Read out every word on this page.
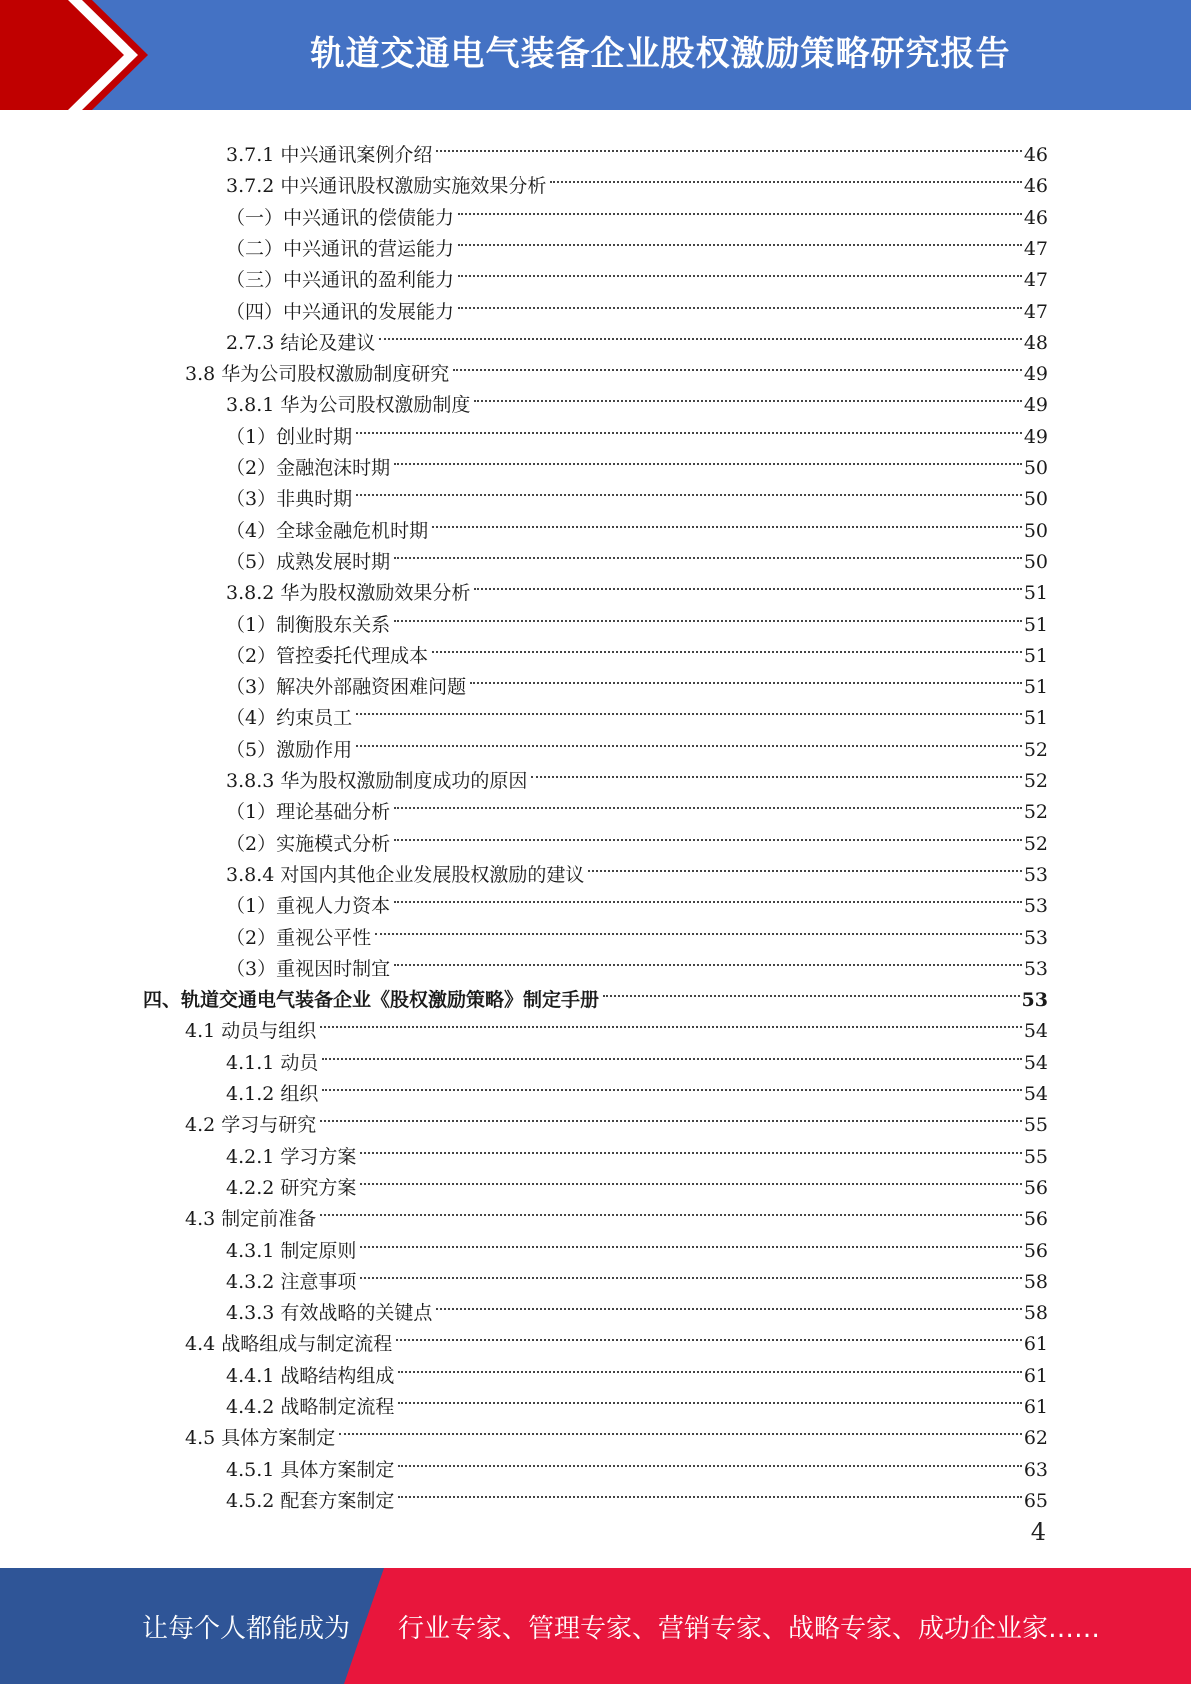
轨道交通电气装备企业股权激励策略研究报告
3.7.1 中兴通讯案例介绍	46
3.7.2 中兴通讯股权激励实施效果分析	46
（一）中兴通讯的偿债能力	46
（二）中兴通讯的营运能力	47
（三）中兴通讯的盈利能力	47
（四）中兴通讯的发展能力	47
2.7.3 结论及建议	48
3.8 华为公司股权激励制度研究	49
3.8.1 华为公司股权激励制度	49
（1）创业时期	49
（2）金融泡沫时期	50
（3）非典时期	50
（4）全球金融危机时期	50
（5）成熟发展时期	50
3.8.2 华为股权激励效果分析	51
（1）制衡股东关系	51
（2）管控委托代理成本	51
（3）解决外部融资困难问题	51
（4）约束员工	51
（5）激励作用	52
3.8.3 华为股权激励制度成功的原因	52
（1）理论基础分析	52
（2）实施模式分析	52
3.8.4 对国内其他企业发展股权激励的建议	53
（1）重视人力资本	53
（2）重视公平性	53
（3）重视因时制宜	53
四、轨道交通电气装备企业《股权激励策略》制定手册	53
4.1 动员与组织	54
4.1.1 动员	54
4.1.2 组织	54
4.2 学习与研究	55
4.2.1 学习方案	55
4.2.2 研究方案	56
4.3 制定前准备	56
4.3.1 制定原则	56
4.3.2 注意事项	58
4.3.3 有效战略的关键点	58
4.4 战略组成与制定流程	61
4.4.1 战略结构组成	61
4.4.2 战略制定流程	61
4.5 具体方案制定	62
4.5.1 具体方案制定	63
4.5.2 配套方案制定	65
4
让每个人都能成为 行业专家、管理专家、营销专家、战略专家、成功企业家……
